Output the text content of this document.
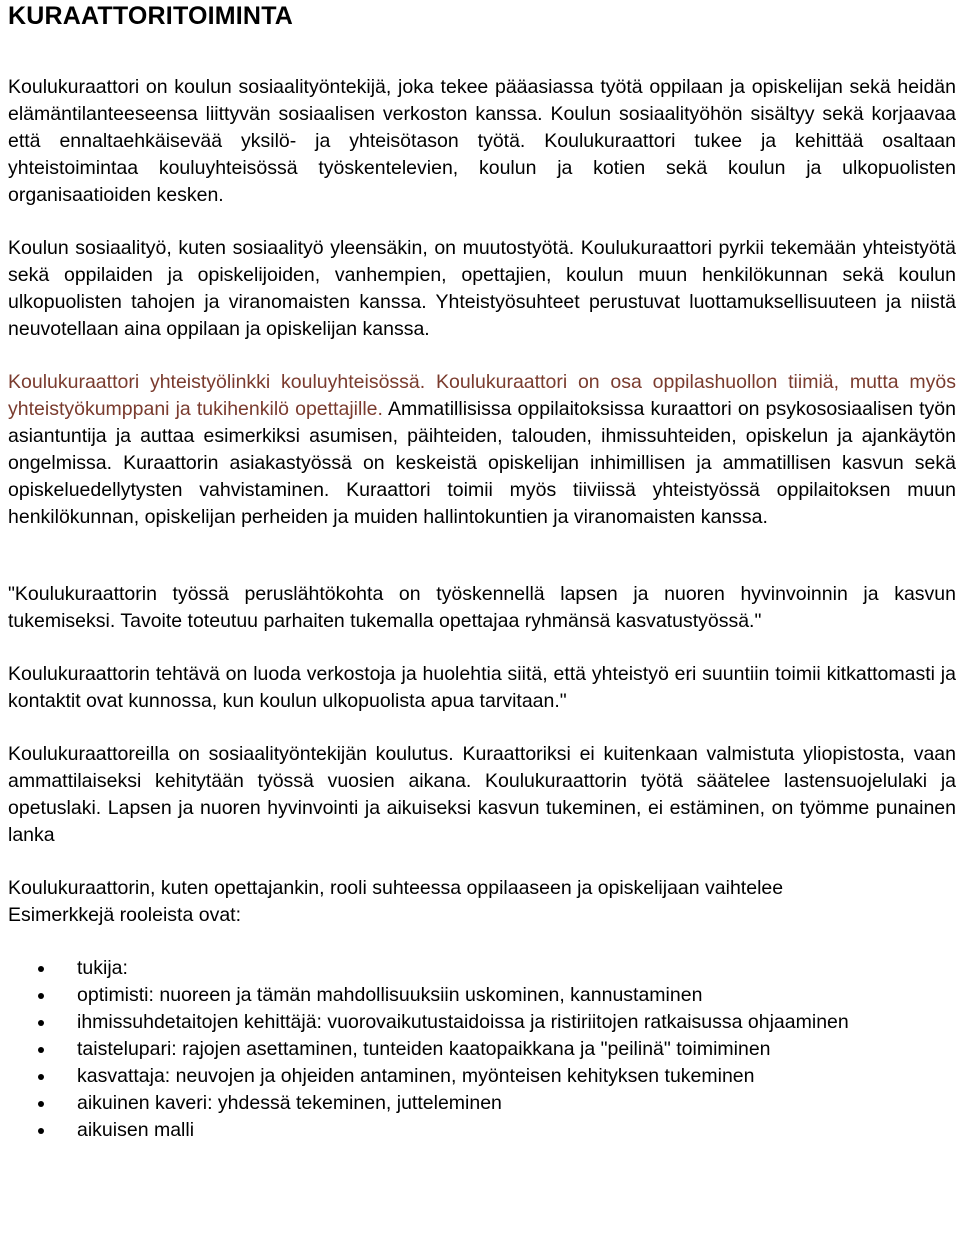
KURAATTORITOIMINTA

Koulukuraattori on koulun sosiaalityöntekijä, joka tekee pääasiassa työtä oppilaan ja opiskelijan sekä heidän elämäntilanteeseensa liittyvän sosiaalisen verkoston kanssa. Koulun sosiaalityöhön sisältyy sekä korjaavaa että ennaltaehkäisevää yksilö- ja yhteisötason työtä. Koulukuraattori tukee ja kehittää osaltaan yhteistoimintaa kouluyhteisössä työskentelevien, koulun ja kotien sekä koulun ja ulkopuolisten organisaatioiden kesken.

Koulun sosiaalityö, kuten sosiaalityö yleensäkin, on muutostyötä. Koulukuraattori pyrkii tekemään yhteistyötä sekä oppilaiden ja opiskelijoiden, vanhempien, opettajien, koulun muun henkilökunnan sekä koulun ulkopuolisten tahojen ja viranomaisten kanssa. Yhteistyösuhteet perustuvat luottamuksellisuuteen ja niistä neuvotellaan aina oppilaan ja opiskelijan kanssa.

Koulukuraattori yhteistyölinkki kouluyhteisössä. Koulukuraattori on osa oppilashuollon tiimiä, mutta myös yhteistyökumppani ja tukihenkilö opettajille. Ammatillisissa oppilaitoksissa kuraattori on psykososiaalisen työn asiantuntija ja auttaa esimerkiksi asumisen, päihteiden, talouden, ihmissuhteiden, opiskelun ja ajankäytön ongelmissa. Kuraattorin asiakastyössä on keskeistä opiskelijan inhimillisen ja ammatillisen kasvun sekä opiskeluedellytysten vahvistaminen. Kuraattori toimii myös tiiviissä yhteistyössä oppilaitoksen muun henkilökunnan, opiskelijan perheiden ja muiden hallintokuntien ja viranomaisten kanssa.

"Koulukuraattorin työssä peruslähtökohta on työskennellä lapsen ja nuoren hyvinvoinnin ja kasvun tukemiseksi. Tavoite toteutuu parhaiten tukemalla opettajaa ryhmänsä kasvatustyössä."

Koulukuraattorin tehtävä on luoda verkostoja ja huolehtia siitä, että yhteistyö eri suuntiin toimii kitkattomasti ja kontaktit ovat kunnossa, kun koulun ulkopuolista apua tarvitaan."

Koulukuraattoreilla on sosiaalityöntekijän koulutus. Kuraattoriksi ei kuitenkaan valmistuta yliopistosta, vaan ammattilaiseksi kehitytään työssä vuosien aikana. Koulukuraattorin työtä säätelee lastensuojelulaki ja opetuslaki. Lapsen ja nuoren hyvinvointi ja aikuiseksi kasvun tukeminen, ei estäminen, on työmme punainen lanka

Koulukuraattorin, kuten opettajankin, rooli suhteessa oppilaaseen ja opiskelijaan vaihtelee
Esimerkkejä rooleista ovat:

tukija:
optimisti: nuoreen ja tämän mahdollisuuksiin uskominen, kannustaminen
ihmissuhdetaitojen kehittäjä: vuorovaikutustaidoissa ja ristiriitojen ratkaisussa ohjaaminen
taistelupari: rajojen asettaminen, tunteiden kaatopaikkana ja "peilinä" toimiminen
kasvattaja: neuvojen ja ohjeiden antaminen, myönteisen kehityksen tukeminen
aikuinen kaveri: yhdessä tekeminen, jutteleminen
aikuisen malli
